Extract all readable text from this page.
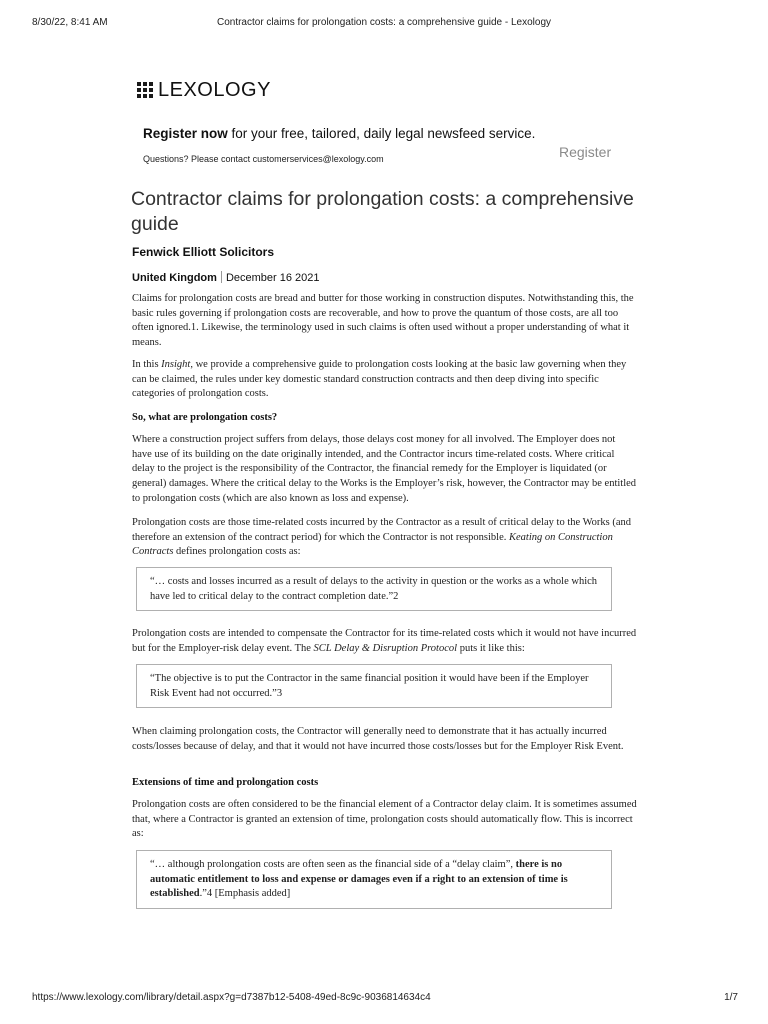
8/30/22, 8:41 AM	Contractor claims for prolongation costs: a comprehensive guide - Lexology
LEXOLOGY
Register now for your free, tailored, daily legal newsfeed service.
Questions? Please contact customerservices@lexology.com	Register
Contractor claims for prolongation costs: a comprehensive guide
Fenwick Elliott Solicitors
United Kingdom December 16 2021

Claims for prolongation costs are bread and butter for those working in construction disputes. Notwithstanding this, the basic rules governing if prolongation costs are recoverable, and how to prove the quantum of those costs, are all too often ignored.1. Likewise, the terminology used in such claims is often used without a proper understanding of what it means.

In this Insight, we provide a comprehensive guide to prolongation costs looking at the basic law governing when they can be claimed, the rules under key domestic standard construction contracts and then deep diving into specific categories of prolongation costs.

So, what are prolongation costs?

Where a construction project suffers from delays, those delays cost money for all involved. The Employer does not have use of its building on the date originally intended, and the Contractor incurs time-related costs. Where critical delay to the project is the responsibility of the Contractor, the financial remedy for the Employer is liquidated (or general) damages. Where the critical delay to the Works is the Employer’s risk, however, the Contractor may be entitled to prolongation costs (which are also known as loss and expense).

Prolongation costs are those time-related costs incurred by the Contractor as a result of critical delay to the Works (and therefore an extension of the contract period) for which the Contractor is not responsible. Keating on Construction Contracts defines prolongation costs as:

“… costs and losses incurred as a result of delays to the activity in question or the works as a whole which have led to critical delay to the contract completion date.”2

Prolongation costs are intended to compensate the Contractor for its time-related costs which it would not have incurred but for the Employer-risk delay event. The SCL Delay & Disruption Protocol puts it like this:

“The objective is to put the Contractor in the same financial position it would have been if the Employer Risk Event had not occurred.”3

When claiming prolongation costs, the Contractor will generally need to demonstrate that it has actually incurred costs/losses because of delay, and that it would not have incurred those costs/losses but for the Employer Risk Event.

Extensions of time and prolongation costs

Prolongation costs are often considered to be the financial element of a Contractor delay claim. It is sometimes assumed that, where a Contractor is granted an extension of time, prolongation costs should automatically flow. This is incorrect as:

“… although prolongation costs are often seen as the financial side of a “delay claim”, there is no automatic entitlement to loss and expense or damages even if a right to an extension of time is established.”4 [Emphasis added]
https://www.lexology.com/library/detail.aspx?g=d7387b12-5408-49ed-8c9c-9036814634c4	1/7
